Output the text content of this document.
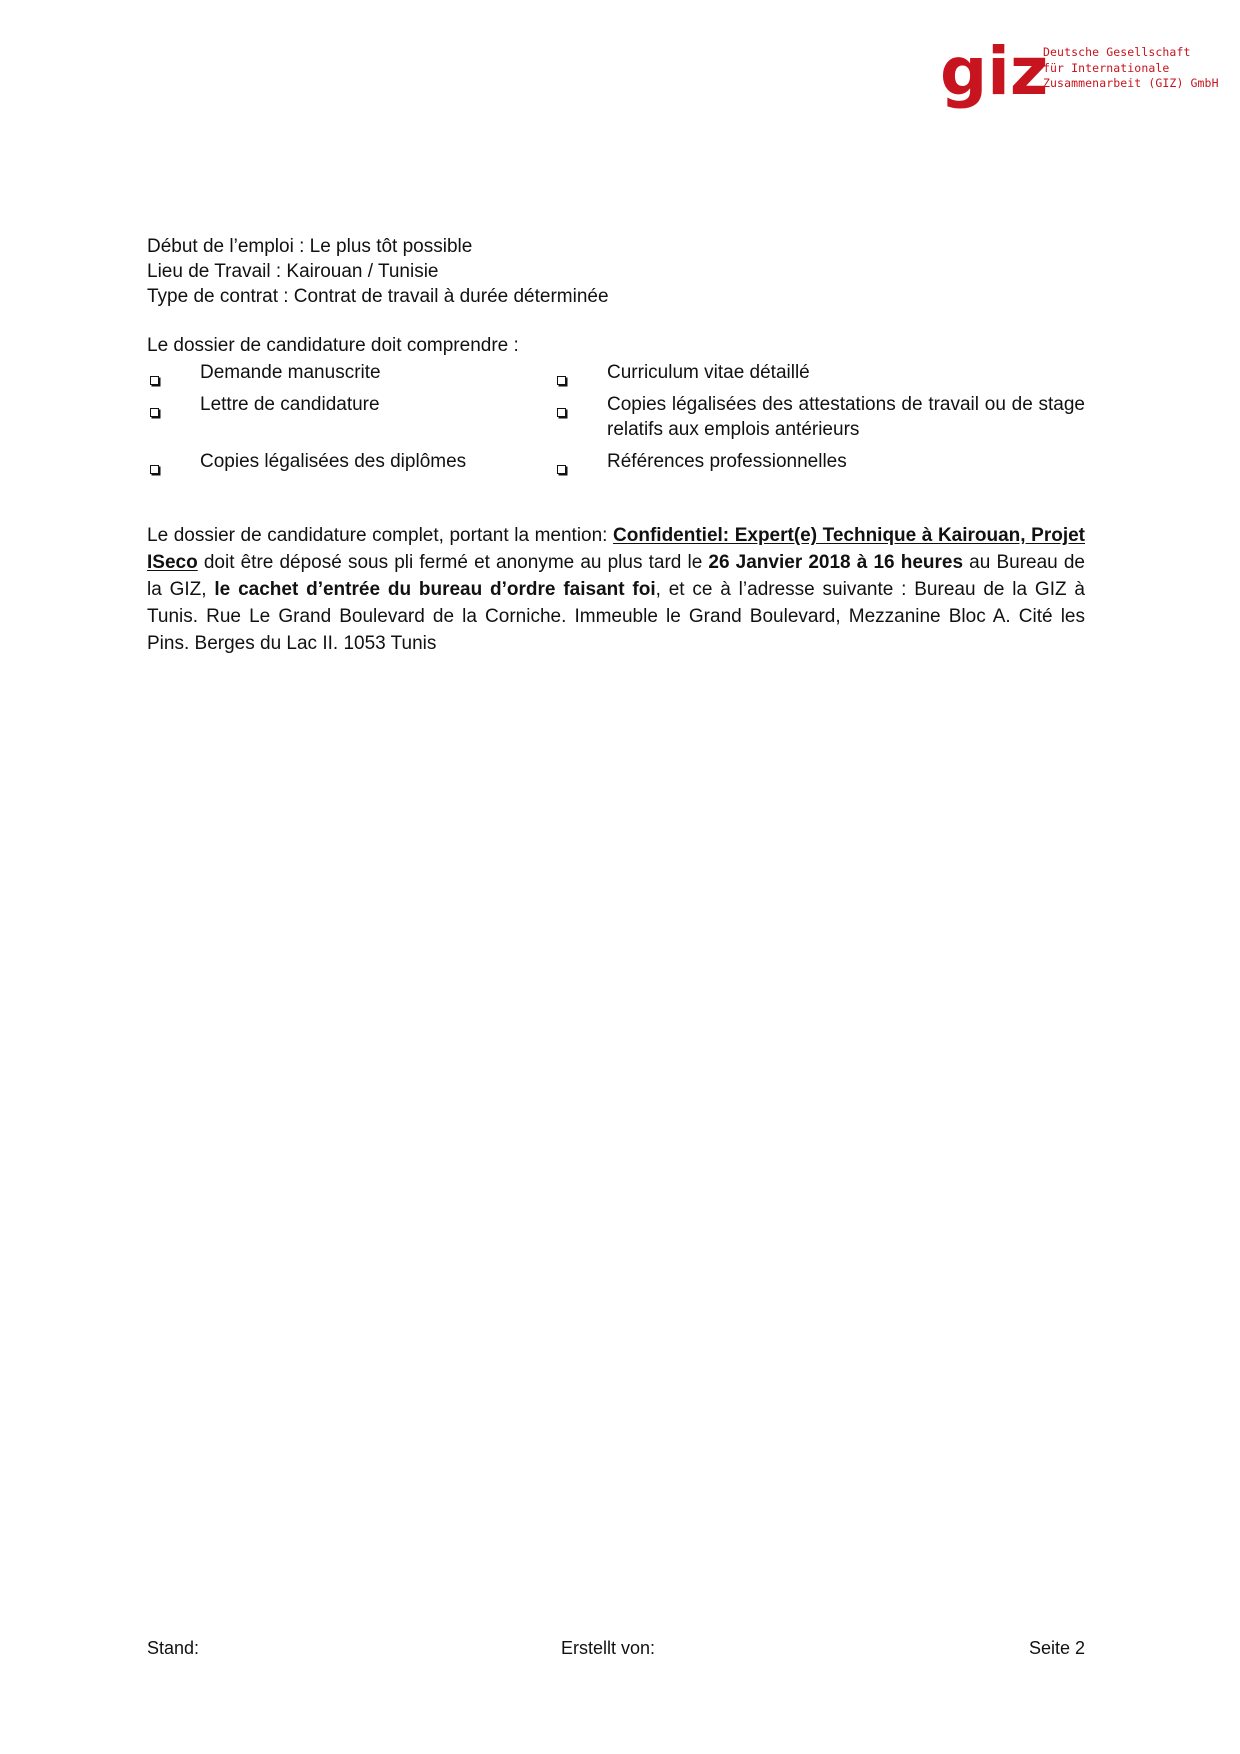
giz
Deutsche Gesellschaft
für Internationale
Zusammenarbeit (GIZ) GmbH
Début de l’emploi : Le plus tôt possible
Lieu de Travail : Kairouan / Tunisie
Type de contrat : Contrat de travail à durée déterminée
Le dossier de candidature doit comprendre :
	Demande manuscrite		Curriculum vitae détaillé
	Lettre de candidature		Copies légalisées des attestations de travail ou de stage relatifs aux emplois antérieurs
	Copies légalisées des diplômes		Références professionnelles

Le dossier de candidature complet, portant la mention: Confidentiel: Expert(e) Technique à Kairouan, Projet ISeco doit être déposé sous pli fermé et anonyme au plus tard le 26 Janvier 2018 à 16 heures au Bureau de la GIZ, le cachet d’entrée du bureau d’ordre faisant foi, et ce à l’adresse suivante : Bureau de la GIZ à Tunis. Rue Le Grand Boulevard de la Corniche. Immeuble le Grand Boulevard, Mezzanine Bloc A. Cité les Pins. Berges du Lac II. 1053 Tunis

Stand:	Erstellt von:	Seite 2
